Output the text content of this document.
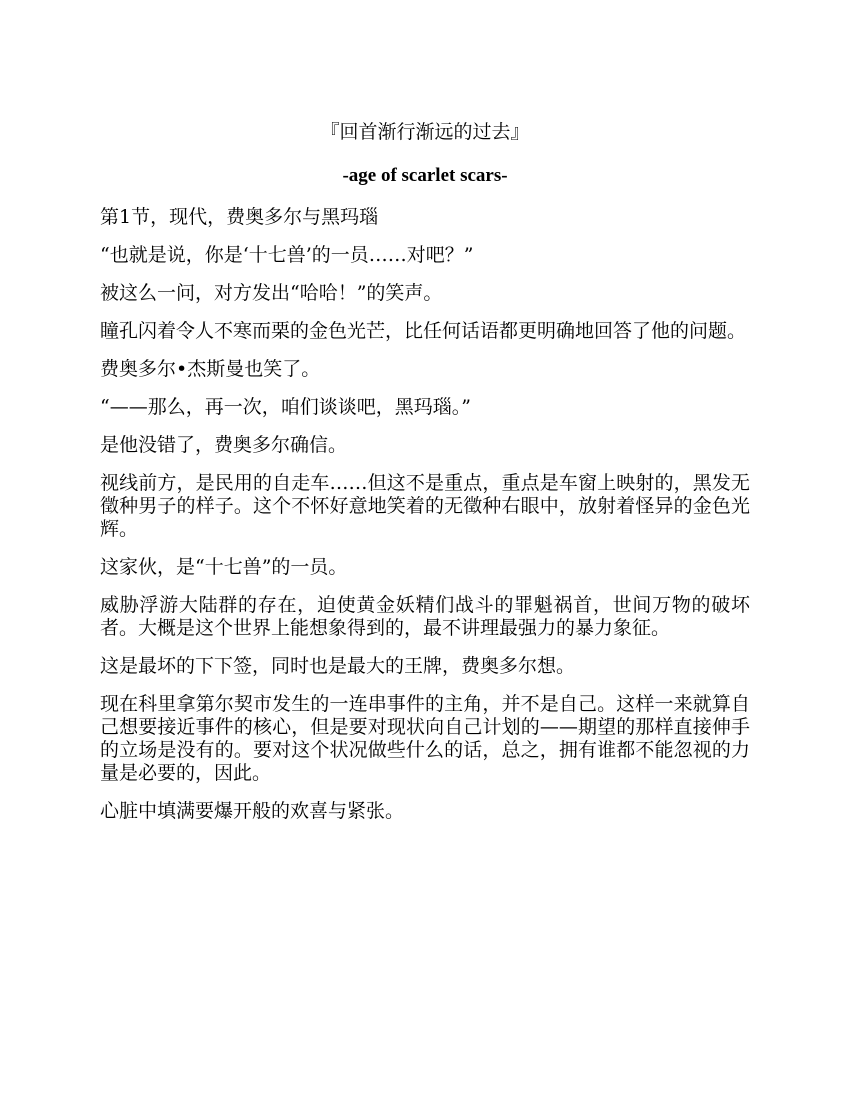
『回首渐行渐远的过去』
-age of scarlet scars-

第1节，现代，费奥多尔与黑玛瑙

“也就是说，你是‘十七兽’的一员……对吧？”

被这么一问，对方发出“哈哈！”的笑声。

瞳孔闪着令人不寒而栗的金色光芒，比任何话语都更明确地回答了他的问题。

费奥多尔•杰斯曼也笑了。

“——那么，再一次，咱们谈谈吧，黑玛瑙。”

是他没错了，费奥多尔确信。

视线前方，是民用的自走车……但这不是重点，重点是车窗上映射的，黑发无徵种男子的样子。这个不怀好意地笑着的无徵种右眼中，放射着怪异的金色光辉。

这家伙，是“十七兽”的一员。

威胁浮游大陆群的存在，迫使黄金妖精们战斗的罪魁祸首，世间万物的破坏者。大概是这个世界上能想象得到的，最不讲理最强力的暴力象征。

这是最坏的下下签，同时也是最大的王牌，费奥多尔想。

现在科里拿第尔契市发生的一连串事件的主角，并不是自己。这样一来就算自己想要接近事件的核心，但是要对现状向自己计划的——期望的那样直接伸手的立场是没有的。要对这个状况做些什么的话，总之，拥有谁都不能忽视的力量是必要的，因此。

心脏中填满要爆开般的欢喜与紧张。
